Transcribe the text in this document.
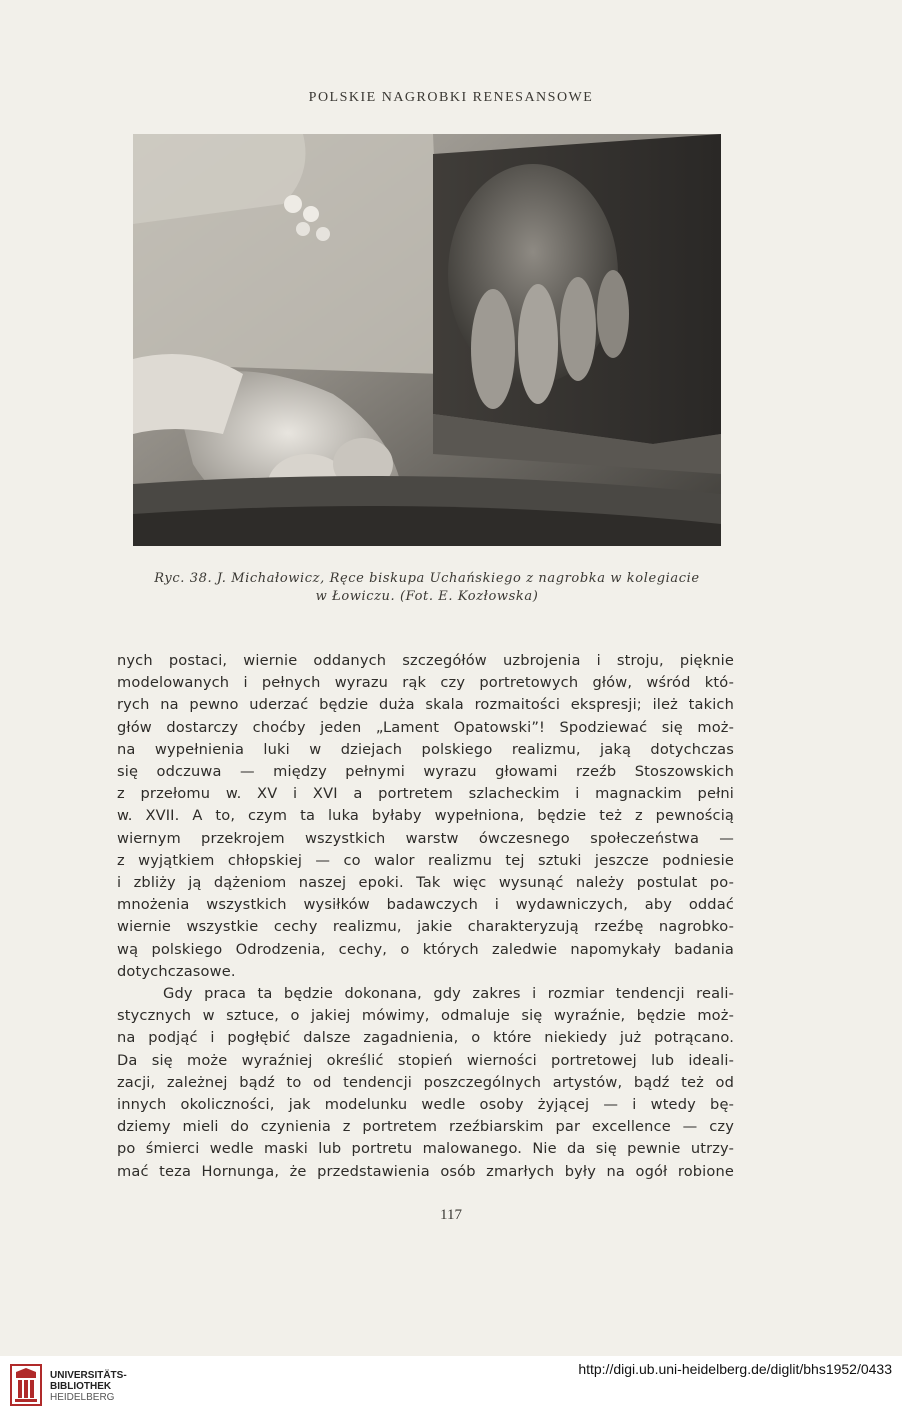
POLSKIE NAGROBKI RENESANSOWE
Ryc. 38. J. Michałowicz, Ręce biskupa Uchańskiego z nagrobka w kolegiacie
w Łowiczu. (Fot. E. Kozłowska)
nych postaci, wiernie oddanych szczegółów uzbrojenia i stroju, pięknie
modelowanych i pełnych wyrazu rąk czy portretowych głów, wśród któ-
rych na pewno uderzać będzie duża skala rozmaitości ekspresji; ileż takich
głów dostarczy choćby jeden „Lament Opatowski”! Spodziewać się moż-
na wypełnienia luki w dziejach polskiego realizmu, jaką dotychczas
się odczuwa — między pełnymi wyrazu głowami rzeźb Stoszowskich
z przełomu w. XV i XVI a portretem szlacheckim i magnackim pełni
w. XVII. A to, czym ta luka byłaby wypełniona, będzie też z pewnością
wiernym przekrojem wszystkich warstw ówczesnego społeczeństwa —
z wyjątkiem chłopskiej — co walor realizmu tej sztuki jeszcze podniesie
i zbliży ją dążeniom naszej epoki. Tak więc wysunąć należy postulat po-
mnożenia wszystkich wysiłków badawczych i wydawniczych, aby oddać
wiernie wszystkie cechy realizmu, jakie charakteryzują rzeźbę nagrobko-
wą polskiego Odrodzenia, cechy, o których zaledwie napomykały badania
dotychczasowe.
Gdy praca ta będzie dokonana, gdy zakres i rozmiar tendencji reali-
stycznych w sztuce, o jakiej mówimy, odmaluje się wyraźnie, będzie moż-
na podjąć i pogłębić dalsze zagadnienia, o które niekiedy już potrącano.
Da się może wyraźniej określić stopień wierności portretowej lub ideali-
zacji, zależnej bądź to od tendencji poszczególnych artystów, bądź też od
innych okoliczności, jak modelunku wedle osoby żyjącej — i wtedy bę-
dziemy mieli do czynienia z portretem rzeźbiarskim par excellence — czy
po śmierci wedle maski lub portretu malowanego. Nie da się pewnie utrzy-
mać teza Hornunga, że przedstawienia osób zmarłych były na ogół robione
117
UNIVERSITÄTS-
BIBLIOTHEK
HEIDELBERG
http://digi.ub.uni-heidelberg.de/diglit/bhs1952/0433
